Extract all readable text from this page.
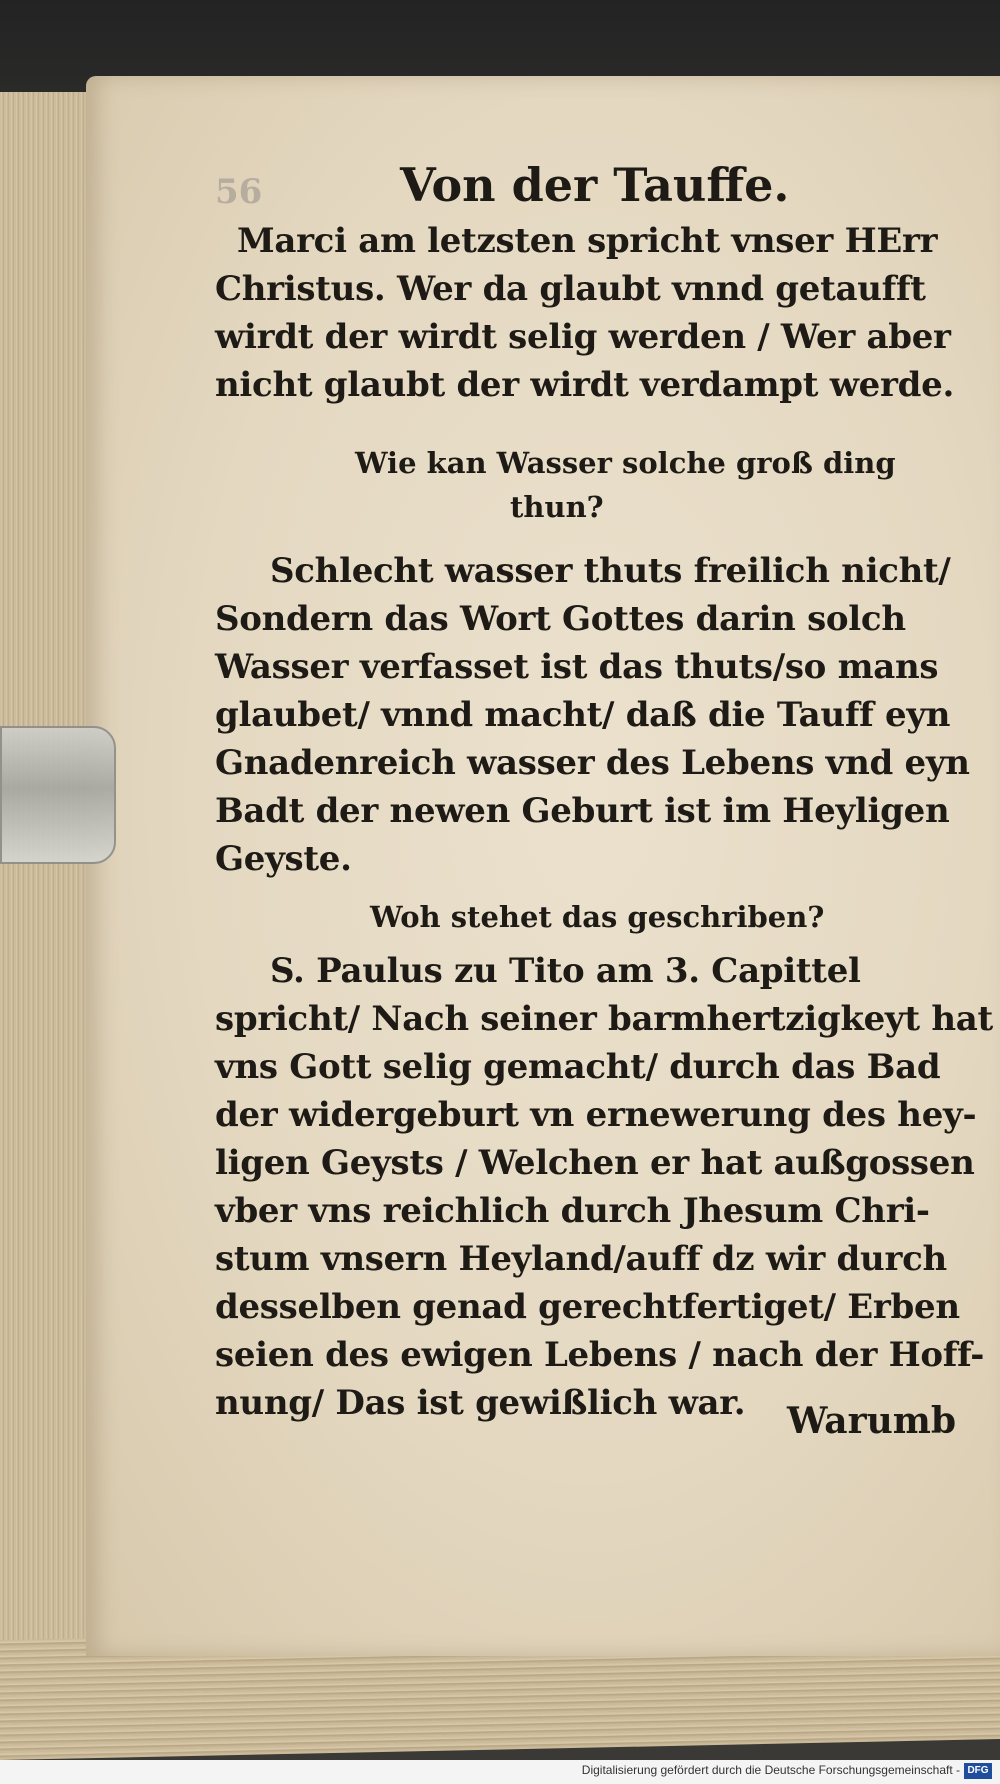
56	Von der Tauffe.
Marci am letzsten spricht vnser HErr
Christus. Wer da glaubt vnnd getaufft
wirdt der wirdt selig werden / Wer aber
nicht glaubt der wirdt verdampt werde.
Wie kan Wasser solche groß ding
thun?
Schlecht wasser thuts freilich nicht/
Sondern das Wort Gottes darin solch
Wasser verfasset ist das thuts/so mans
glaubet/ vnnd macht/ daß die Tauff eyn
Gnadenreich wasser des Lebens vnd eyn
Badt der newen Geburt ist im Heyligen
Geyste.
Woh stehet das geschriben?
S. Paulus zu Tito am 3. Capittel
spricht/ Nach seiner barmhertzigkeyt hat
vns Gott selig gemacht/ durch das Bad
der widergeburt vn ernewerung des hey-
ligen Geysts / Welchen er hat außgossen
vber vns reichlich durch Jhesum Chri-
stum vnsern Heyland/auff dz wir durch
desselben genad gerechtfertiget/ Erben
seien des ewigen Lebens / nach der Hoff-
nung/ Das ist gewißlich war. Warumb
Digitalisierung gefördert durch die Deutsche Forschungsgemeinschaft - DFG
